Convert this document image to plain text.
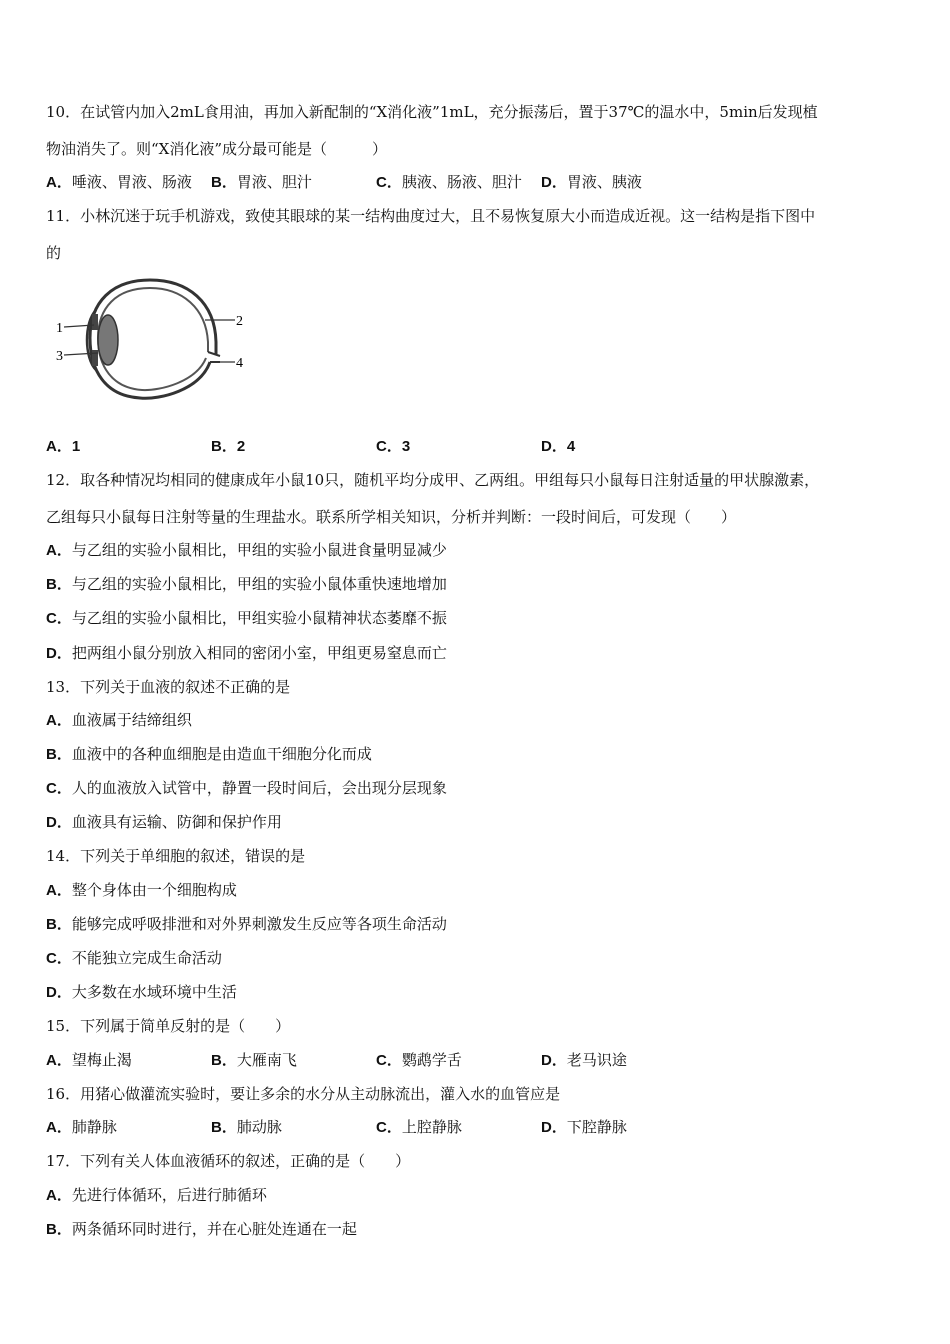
10．在试管内加入2mL食用油，再加入新配制的“X消化液”1mL，充分振荡后，置于37℃的温水中，5min后发现植
物油消失了。则“X消化液”成分最可能是（　　　）
A．唾液、胃液、肠液 B．胃液、胆汁	C．胰液、肠液、胆汁 D．胃液、胰液
11．小林沉迷于玩手机游戏，致使其眼球的某一结构曲度过大，且不易恢复原大小而造成近视。这一结构是指下图中
的
1
3
2
4
A．1	B．2	C．3	D．4
12．取各种情况均相同的健康成年小鼠10只，随机平均分成甲、乙两组。甲组每只小鼠每日注射适量的甲状腺激素，
乙组每只小鼠每日注射等量的生理盐水。联系所学相关知识，分析并判断：一段时间后，可发现（　　）
A．与乙组的实验小鼠相比，甲组的实验小鼠进食量明显减少
B．与乙组的实验小鼠相比，甲组的实验小鼠体重快速地增加
C．与乙组的实验小鼠相比，甲组实验小鼠精神状态萎靡不振
D．把两组小鼠分别放入相同的密闭小室，甲组更易窒息而亡
13．下列关于血液的叙述不正确的是
A．血液属于结缔组织
B．血液中的各种血细胞是由造血干细胞分化而成
C．人的血液放入试管中，静置一段时间后，会出现分层现象
D．血液具有运输、防御和保护作用
14．下列关于单细胞的叙述，错误的是
A．整个身体由一个细胞构成
B．能够完成呼吸排泄和对外界刺激发生反应等各项生命活动
C．不能独立完成生命活动
D．大多数在水域环境中生活
15．下列属于简单反射的是（　　）
A．望梅止渴	B．大雁南飞	C．鹦鹉学舌	D．老马识途
16．用猪心做灌流实验时，要让多余的水分从主动脉流出，灌入水的血管应是
A．肺静脉	B．肺动脉	C．上腔静脉	D．下腔静脉
17．下列有关人体血液循环的叙述，正确的是（　　）
A．先进行体循环，后进行肺循环
B．两条循环同时进行，并在心脏处连通在一起
